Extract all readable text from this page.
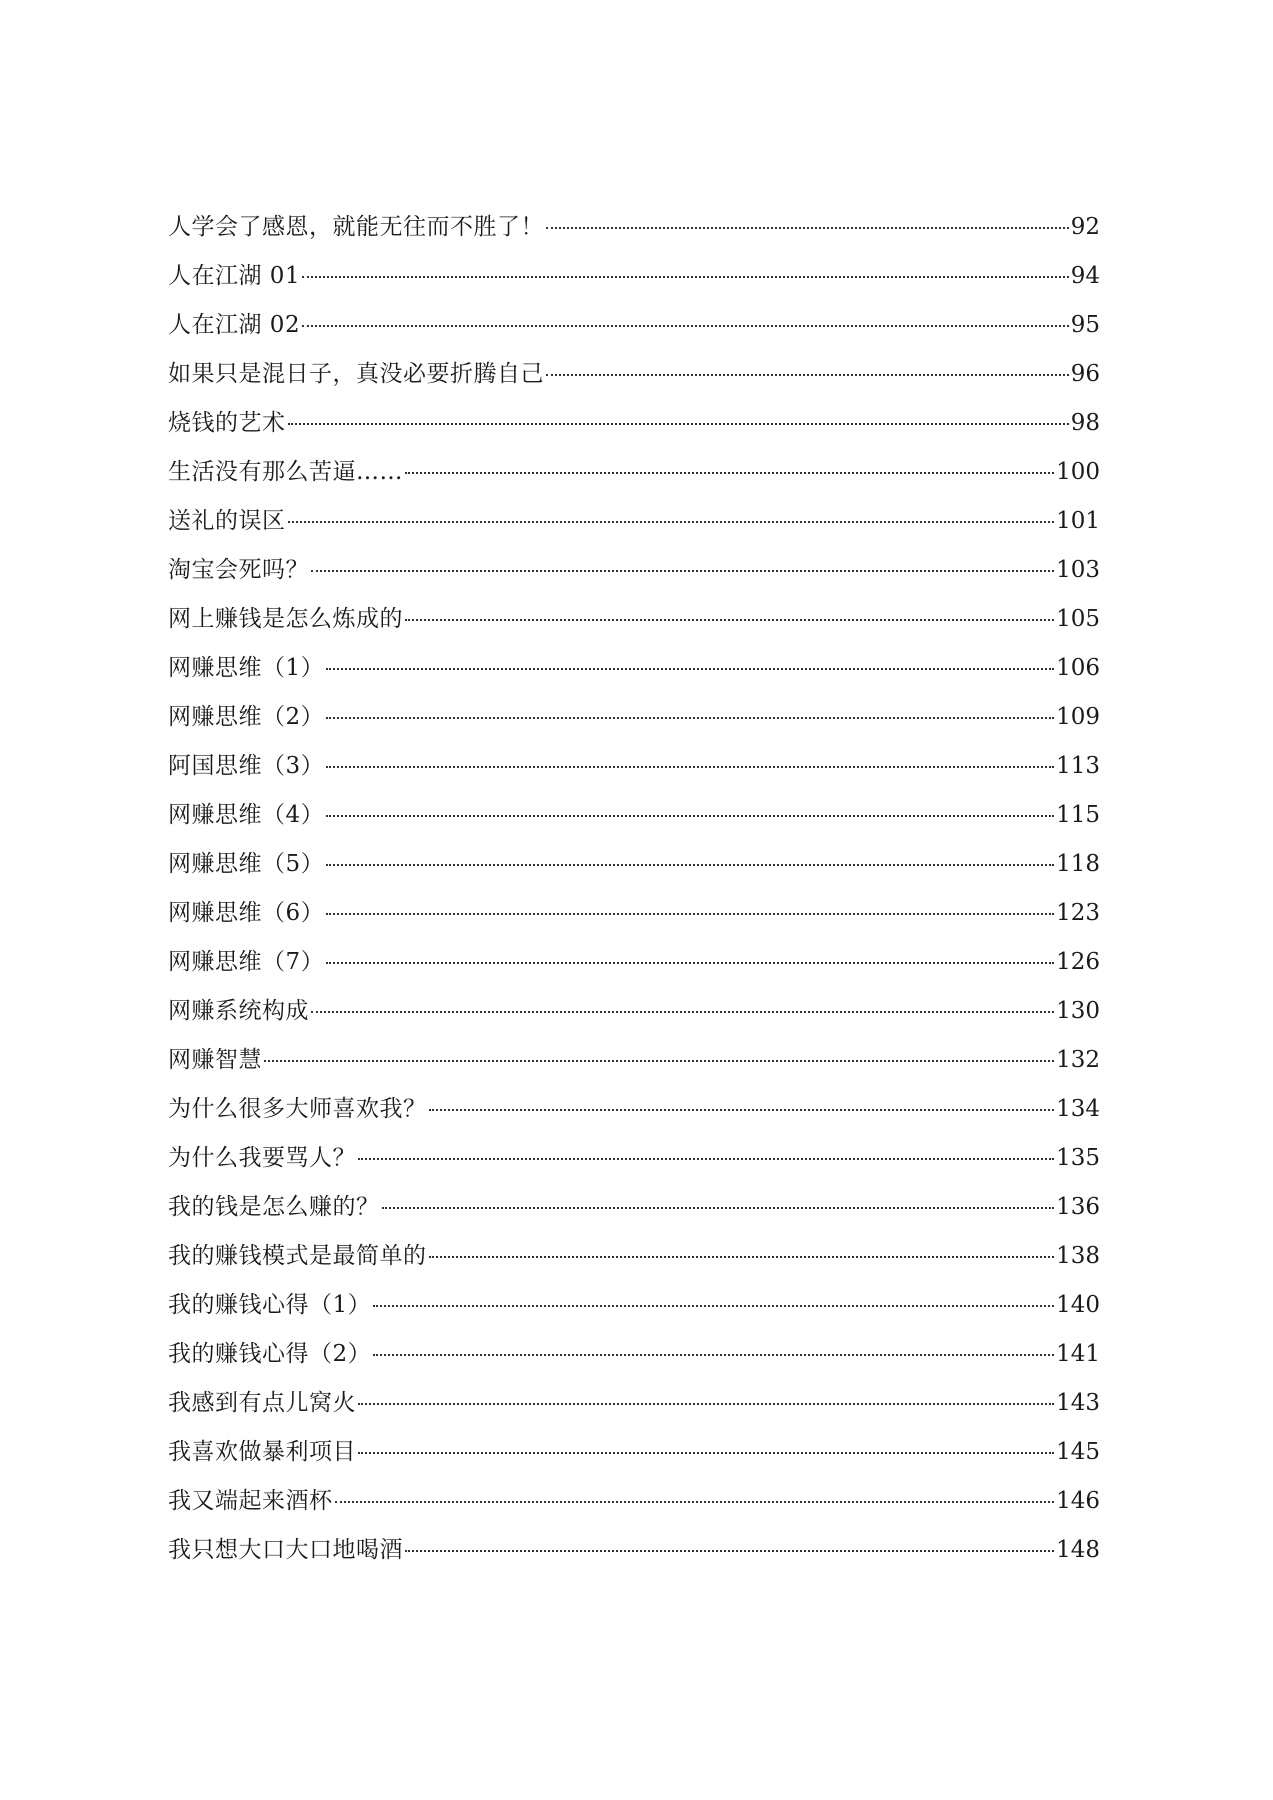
人学会了感恩，就能无往而不胜了！	92
人在江湖 01	94
人在江湖 02	95
如果只是混日子，真没必要折腾自己	96
烧钱的艺术	98
生活没有那么苦逼……	100
送礼的误区	101
淘宝会死吗？	103
网上赚钱是怎么炼成的	105
网赚思维（1）	106
网赚思维（2）	109
阿国思维（3）	113
网赚思维（4）	115
网赚思维（5）	118
网赚思维（6）	123
网赚思维（7）	126
网赚系统构成	130
网赚智慧	132
为什么很多大师喜欢我？	134
为什么我要骂人？	135
我的钱是怎么赚的？	136
我的赚钱模式是最简单的	138
我的赚钱心得（1）	140
我的赚钱心得（2）	141
我感到有点儿窝火	143
我喜欢做暴利项目	145
我又端起来酒杯	146
我只想大口大口地喝酒	148
